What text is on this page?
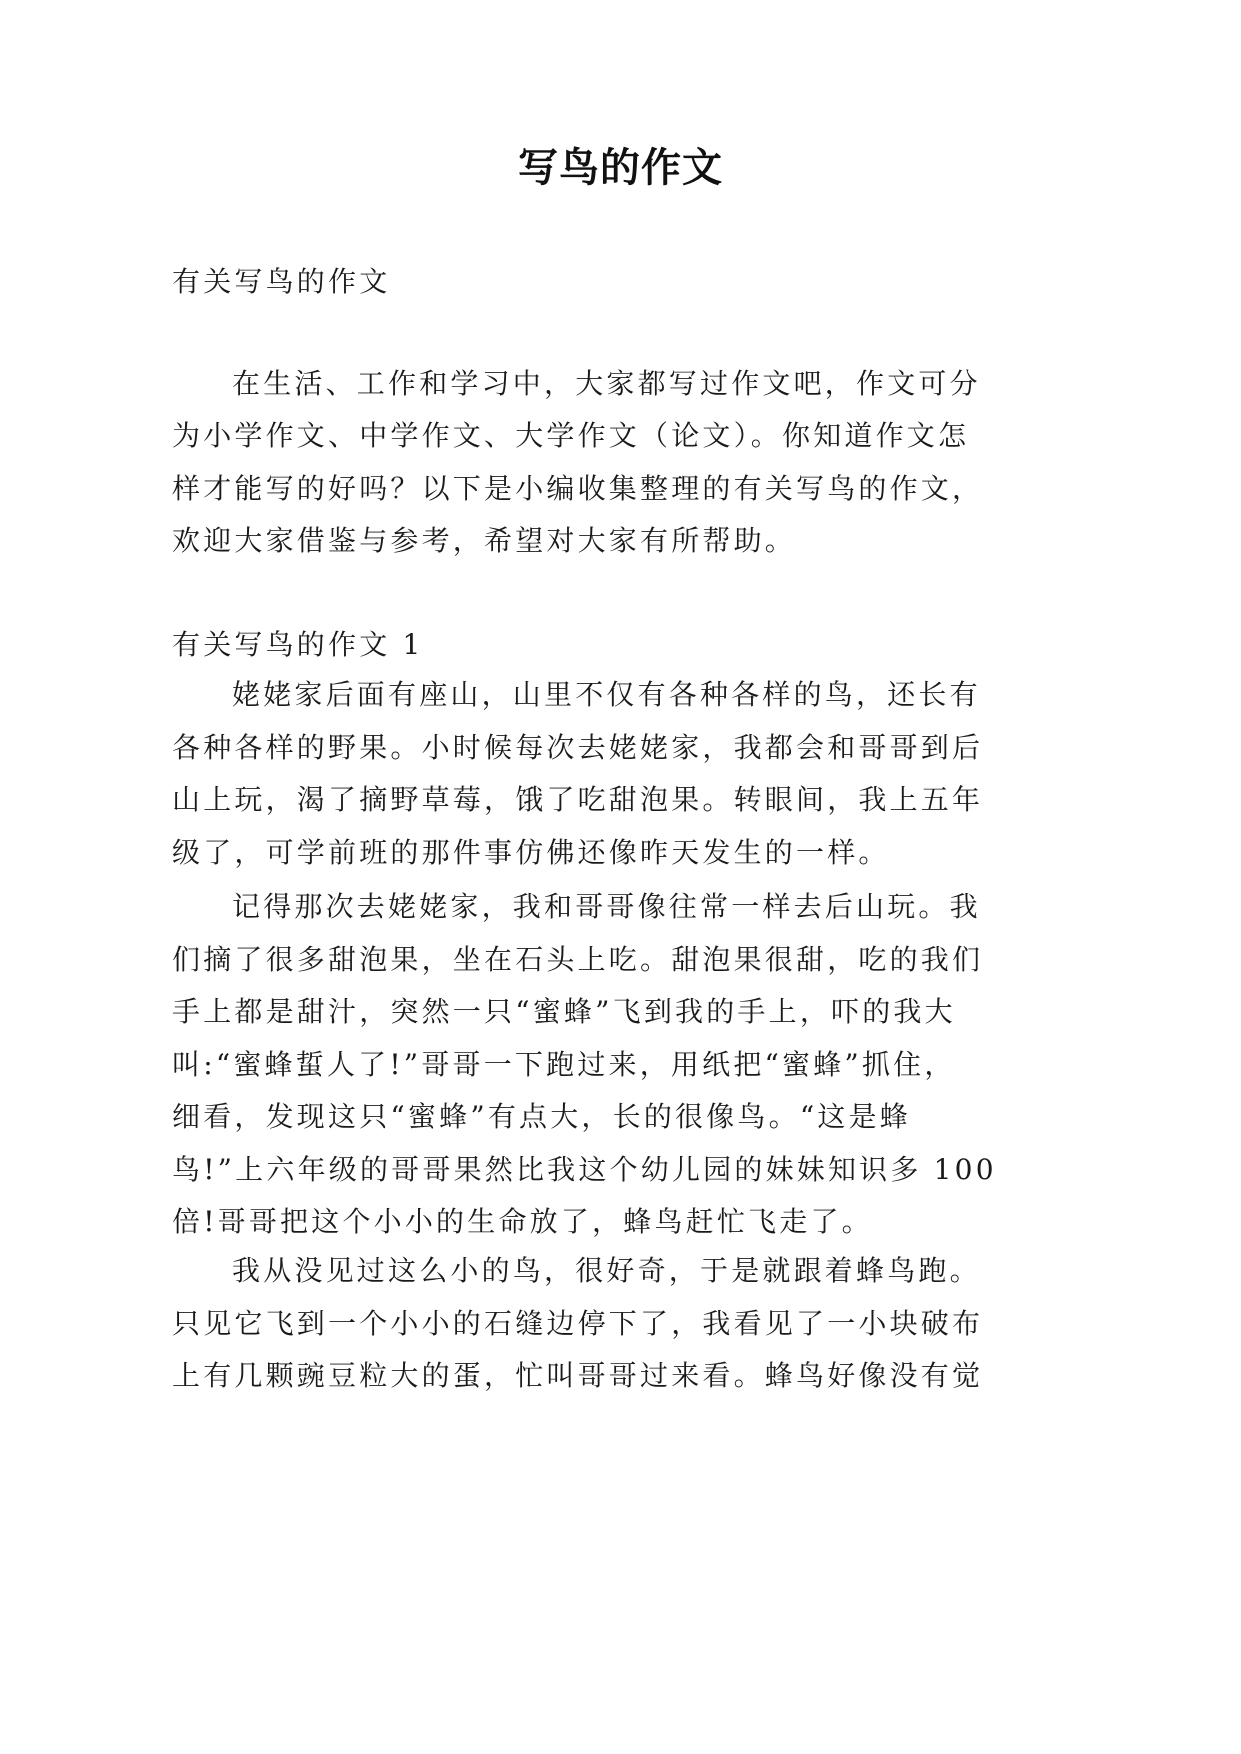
写鸟的作文

有关写鸟的作文

在生活、工作和学习中，大家都写过作文吧，作文可分

为小学作文、中学作文、大学作文（论文）。你知道作文怎

样才能写的好吗？以下是小编收集整理的有关写鸟的作文，

欢迎大家借鉴与参考，希望对大家有所帮助。

有关写鸟的作文 1

姥姥家后面有座山，山里不仅有各种各样的鸟，还长有

各种各样的野果。小时候每次去姥姥家，我都会和哥哥到后

山上玩，渴了摘野草莓，饿了吃甜泡果。转眼间，我上五年

级了，可学前班的那件事仿佛还像昨天发生的一样。

记得那次去姥姥家，我和哥哥像往常一样去后山玩。我

们摘了很多甜泡果，坐在石头上吃。甜泡果很甜，吃的我们

手上都是甜汁，突然一只“蜜蜂”飞到我的手上，吓的我大

叫:“蜜蜂蜇人了!”哥哥一下跑过来，用纸把“蜜蜂”抓住，

细看，发现这只“蜜蜂”有点大，长的很像鸟。“这是蜂

鸟!”上六年级的哥哥果然比我这个幼儿园的妹妹知识多 100

倍!哥哥把这个小小的生命放了，蜂鸟赶忙飞走了。

我从没见过这么小的鸟，很好奇，于是就跟着蜂鸟跑。

只见它飞到一个小小的石缝边停下了，我看见了一小块破布

上有几颗豌豆粒大的蛋，忙叫哥哥过来看。蜂鸟好像没有觉
